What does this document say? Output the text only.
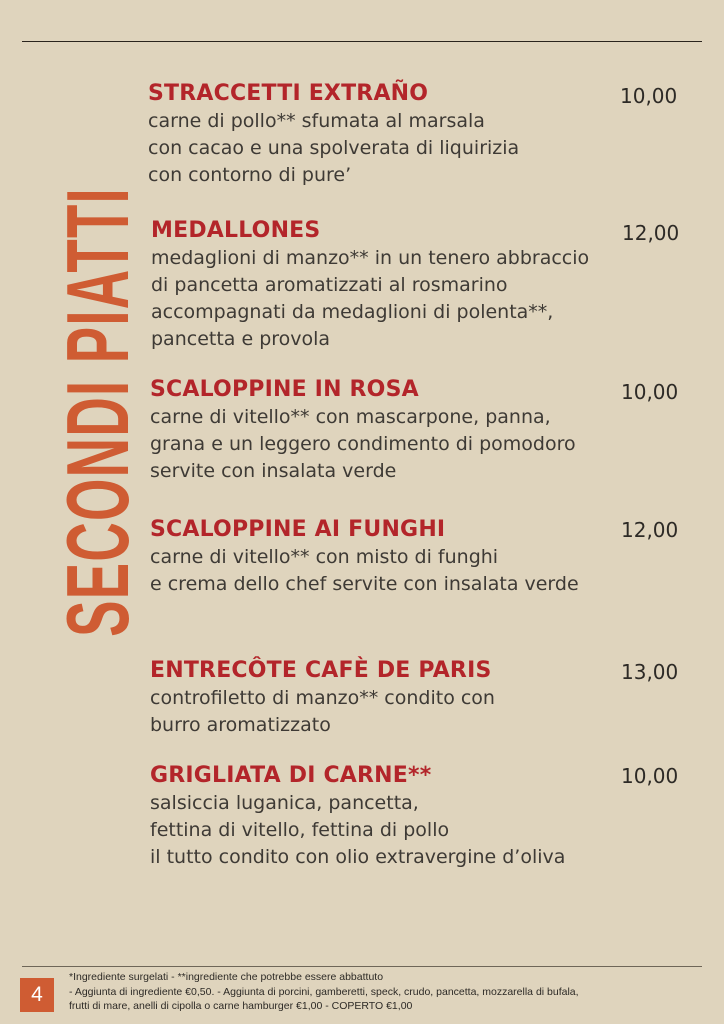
SECONDI PIATTI
STRACCETTI EXTRAÑO
carne di pollo** sfumata al marsala
con cacao e una spolverata di liquirizia
con contorno di pure’
10,00
MEDALLONES
medaglioni di manzo** in un tenero abbraccio
di pancetta aromatizzati al rosmarino
accompagnati da medaglioni di polenta**,
pancetta e provola
12,00
SCALOPPINE IN ROSA
carne di vitello** con mascarpone, panna,
grana e un leggero condimento di pomodoro
servite con insalata verde
10,00
SCALOPPINE AI FUNGHI
carne di vitello** con misto di funghi
e crema dello chef servite con insalata verde
12,00
ENTRECÔTE CAFÈ DE PARIS
controfiletto di manzo** condito con
burro aromatizzato
13,00
GRIGLIATA DI CARNE**
salsiccia luganica, pancetta,
fettina di vitello, fettina di pollo
il tutto condito con olio extravergine d’oliva
10,00
4
*Ingrediente surgelati - **ingrediente che potrebbe essere abbattuto
- Aggiunta di ingrediente €0,50. - Aggiunta di porcini, gamberetti, speck, crudo, pancetta, mozzarella di bufala,
frutti di mare, anelli di cipolla o carne hamburger €1,00 - COPERTO €1,00
